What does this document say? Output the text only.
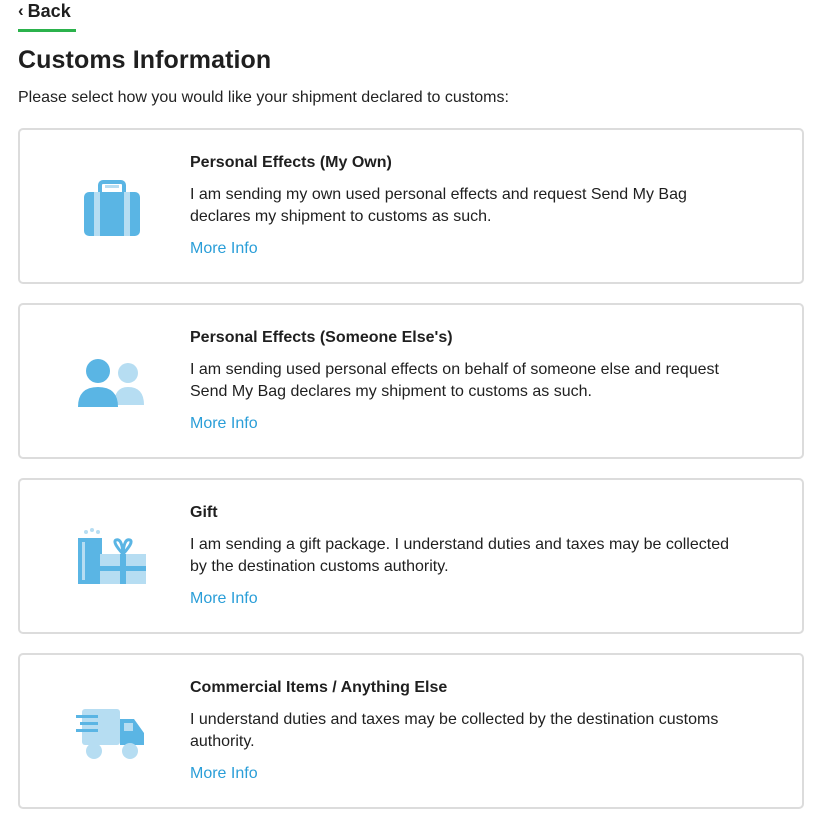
‹ Back
Customs Information
Please select how you would like your shipment declared to customs:
Personal Effects (My Own)
I am sending my own used personal effects and request Send My Bag declares my shipment to customs as such.
More Info
Personal Effects (Someone Else's)
I am sending used personal effects on behalf of someone else and request Send My Bag declares my shipment to customs as such.
More Info
Gift
I am sending a gift package. I understand duties and taxes may be collected by the destination customs authority.
More Info
Commercial Items / Anything Else
I understand duties and taxes may be collected by the destination customs authority.
More Info
